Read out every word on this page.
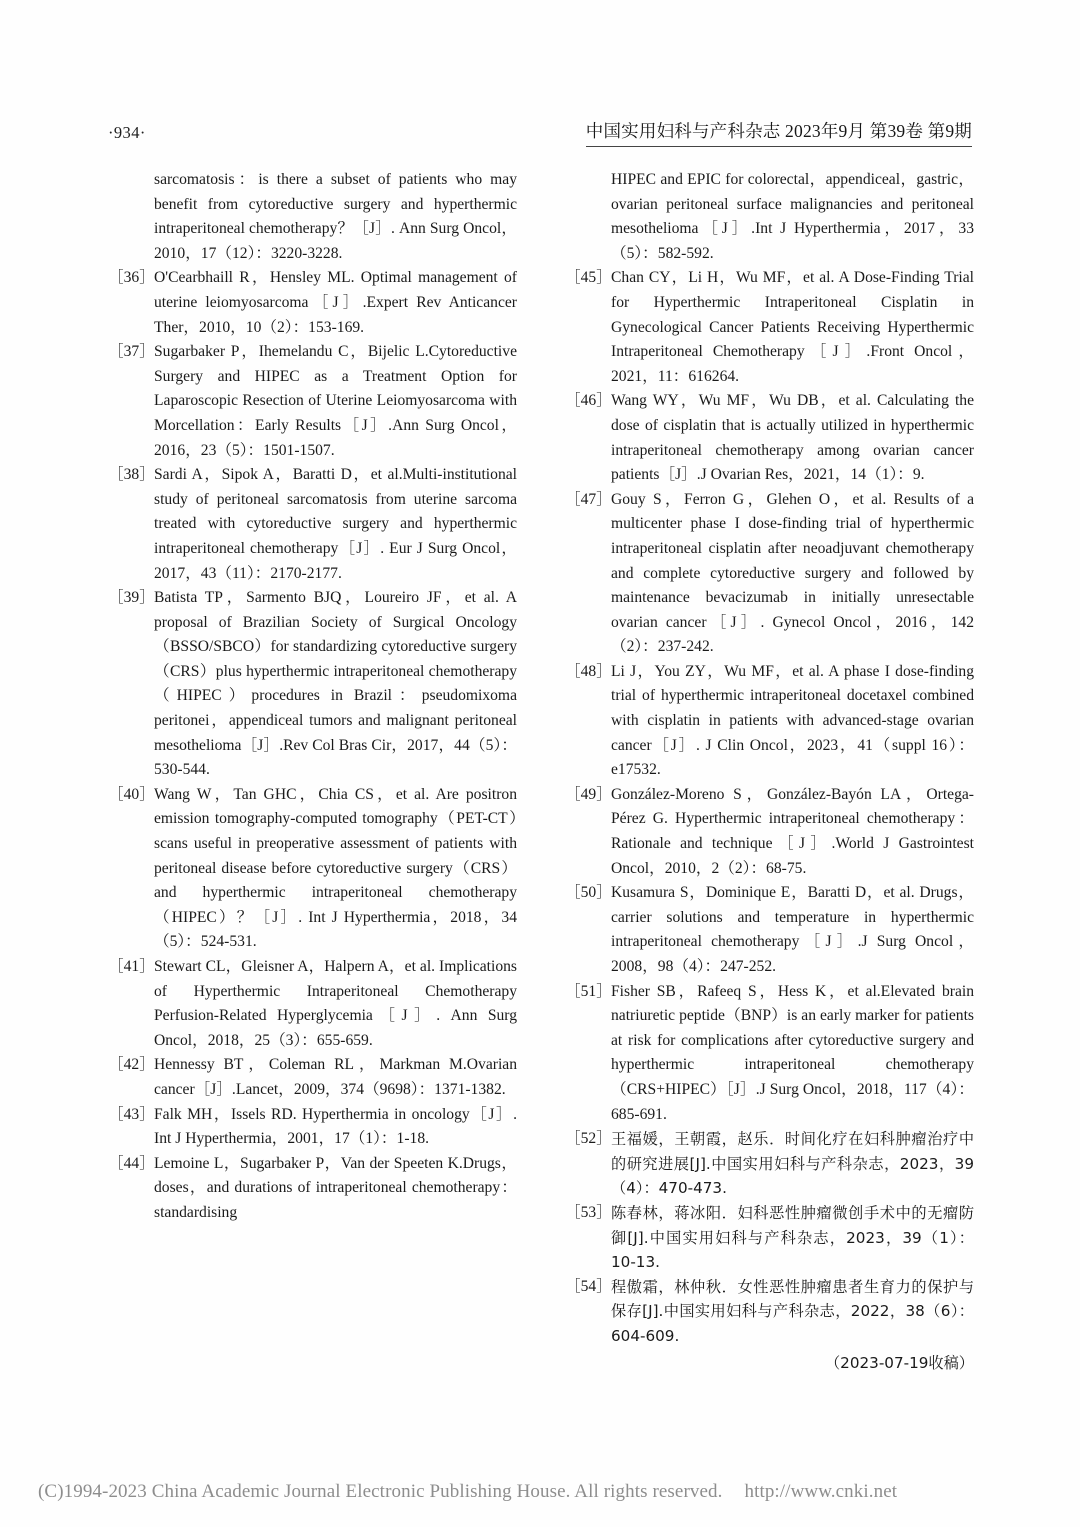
·934·	中国实用妇科与产科杂志 2023年9月 第39卷 第9期
sarcomatosis：is there a subset of patients who may benefit from cytoreductive surgery and hyperthermic intraperitoneal chemotherapy？［J］. Ann Surg Oncol，2010，17（12）：3220-3228.
［36］ O'Cearbhaill R，Hensley ML. Optimal management of uterine leiomyosarcoma［J］.Expert Rev Anticancer Ther，2010，10（2）：153-169.
［37］ Sugarbaker P，Ihemelandu C，Bijelic L.Cytoreductive Surgery and HIPEC as a Treatment Option for Laparoscopic Resection of Uterine Leiomyosarcoma with Morcellation：Early Results［J］.Ann Surg Oncol，2016，23（5）：1501-1507.
［38］ Sardi A，Sipok A，Baratti D，et al.Multi-institutional study of peritoneal sarcomatosis from uterine sarcoma treated with cytoreductive surgery and hyperthermic intraperitoneal chemotherapy［J］. Eur J Surg Oncol，2017，43（11）：2170-2177.
［39］ Batista TP，Sarmento BJQ，Loureiro JF，et al. A proposal of Brazilian Society of Surgical Oncology（BSSO/SBCO）for standardizing cytoreductive surgery（CRS）plus hyperthermic intraperitoneal chemotherapy（HIPEC）procedures in Brazil：pseudomixoma peritonei，appendiceal tumors and malignant peritoneal mesothelioma［J］.Rev Col Bras Cir，2017，44（5）：530-544.
［40］ Wang W，Tan GHC，Chia CS，et al. Are positron emission tomography-computed tomography（PET-CT）scans useful in preoperative assessment of patients with peritoneal disease before cytoreductive surgery（CRS）and hyperthermic intraperitoneal chemotherapy（HIPEC）？［J］. Int J Hyperthermia，2018，34（5）：524-531.
［41］ Stewart CL，Gleisner A，Halpern A，et al. Implications of Hyperthermic Intraperitoneal Chemotherapy Perfusion-Related Hyperglycemia［J］. Ann Surg Oncol，2018，25（3）：655-659.
［42］ Hennessy BT，Coleman RL，Markman M.Ovarian cancer［J］.Lancet，2009，374（9698）：1371-1382.
［43］ Falk MH，Issels RD. Hyperthermia in oncology［J］. Int J Hyperthermia，2001，17（1）：1-18.
［44］ Lemoine L，Sugarbaker P，Van der Speeten K.Drugs，doses，and durations of intraperitoneal chemotherapy：standardising
HIPEC and EPIC for colorectal，appendiceal，gastric，ovarian peritoneal surface malignancies and peritoneal mesothelioma［J］.Int J Hyperthermia，2017，33（5）：582-592.
［45］ Chan CY，Li H，Wu MF，et al. A Dose-Finding Trial for Hyperthermic Intraperitoneal Cisplatin in Gynecological Cancer Patients Receiving Hyperthermic Intraperitoneal Chemotherapy［J］.Front Oncol，2021，11：616264.
［46］ Wang WY，Wu MF，Wu DB，et al. Calculating the dose of cisplatin that is actually utilized in hyperthermic intraperitoneal chemotherapy among ovarian cancer patients［J］.J Ovarian Res，2021，14（1）：9.
［47］ Gouy S，Ferron G，Glehen O，et al. Results of a multicenter phase I dose-finding trial of hyperthermic intraperitoneal cisplatin after neoadjuvant chemotherapy and complete cytoreductive surgery and followed by maintenance bevacizumab in initially unresectable ovarian cancer［J］. Gynecol Oncol，2016，142（2）：237-242.
［48］ Li J，You ZY，Wu MF，et al. A phase I dose-finding trial of hyperthermic intraperitoneal docetaxel combined with cisplatin in patients with advanced-stage ovarian cancer［J］. J Clin Oncol，2023，41（suppl 16）：e17532.
［49］ González-Moreno S，González-Bayón LA，Ortega-Pérez G. Hyperthermic intraperitoneal chemotherapy：Rationale and technique［J］.World J Gastrointest Oncol，2010，2（2）：68-75.
［50］ Kusamura S，Dominique E，Baratti D，et al. Drugs，carrier solutions and temperature in hyperthermic intraperitoneal chemotherapy［J］.J Surg Oncol，2008，98（4）：247-252.
［51］ Fisher SB，Rafeeq S，Hess K，et al.Elevated brain natriuretic peptide（BNP）is an early marker for patients at risk for complications after cytoreductive surgery and hyperthermic intraperitoneal chemotherapy（CRS+HIPEC）［J］.J Surg Oncol，2018，117（4）：685-691.
［52］ 王福媛，王朝霞，赵乐．时间化疗在妇科肿瘤治疗中的研究进展[J].中国实用妇科与产科杂志，2023，39（4）：470-473.
［53］ 陈春林，蒋冰阳．妇科恶性肿瘤微创手术中的无瘤防御[J].中国实用妇科与产科杂志，2023，39（1）：10-13.
［54］ 程傲霜，林仲秋．女性恶性肿瘤患者生育力的保护与保存[J].中国实用妇科与产科杂志，2022，38（6）：604-609.
（2023-07-19收稿）
(C)1994-2023 China Academic Journal Electronic Publishing House. All rights reserved. http://www.cnki.net
